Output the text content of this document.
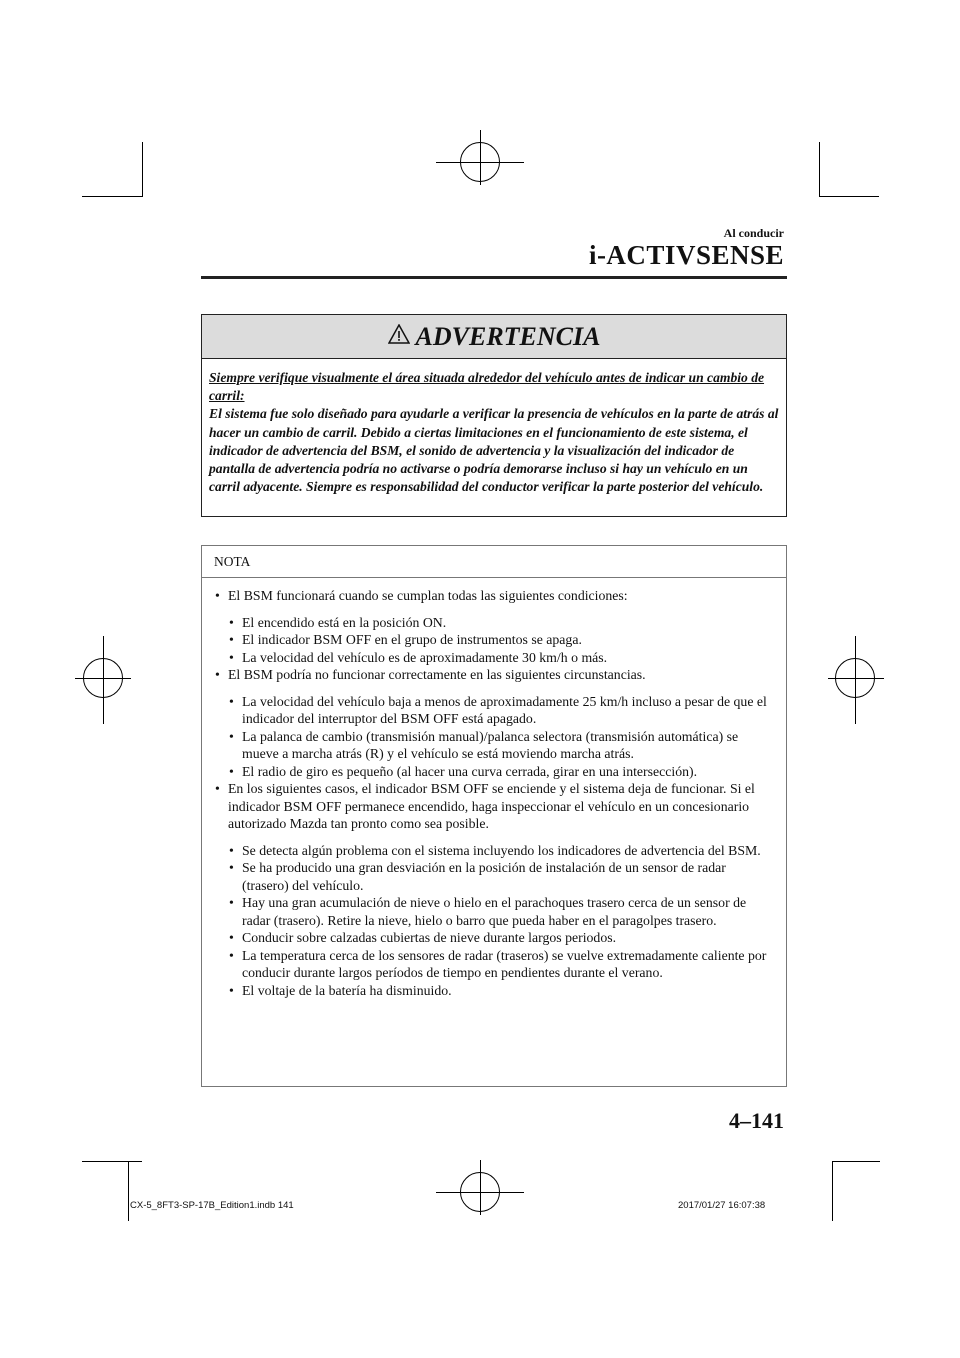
Al conducir
i-ACTIVSENSE
ADVERTENCIA
Siempre verifique visualmente el área situada alrededor del vehículo antes de indicar un cambio de carril:
El sistema fue solo diseñado para ayudarle a verificar la presencia de vehículos en la parte de atrás al hacer un cambio de carril. Debido a ciertas limitaciones en el funcionamiento de este sistema, el indicador de advertencia del BSM, el sonido de advertencia y la visualización del indicador de pantalla de advertencia podría no activarse o podría demorarse incluso si hay un vehículo en un carril adyacente. Siempre es responsabilidad del conductor verificar la parte posterior del vehículo.
NOTA
• El BSM funcionará cuando se cumplan todas las siguientes condiciones:
• El encendido está en la posición ON.
• El indicador BSM OFF en el grupo de instrumentos se apaga.
• La velocidad del vehículo es de aproximadamente 30 km/h o más.
• El BSM podría no funcionar correctamente en las siguientes circunstancias.
• La velocidad del vehículo baja a menos de aproximadamente 25 km/h incluso a pesar de que el indicador del interruptor del BSM OFF está apagado.
• La palanca de cambio (transmisión manual)/palanca selectora (transmisión automática) se mueve a marcha atrás (R) y el vehículo se está moviendo marcha atrás.
• El radio de giro es pequeño (al hacer una curva cerrada, girar en una intersección).
• En los siguientes casos, el indicador BSM OFF se enciende y el sistema deja de funcionar. Si el indicador BSM OFF permanece encendido, haga inspeccionar el vehículo en un concesionario autorizado Mazda tan pronto como sea posible.
• Se detecta algún problema con el sistema incluyendo los indicadores de advertencia del BSM.
• Se ha producido una gran desviación en la posición de instalación de un sensor de radar (trasero) del vehículo.
• Hay una gran acumulación de nieve o hielo en el parachoques trasero cerca de un sensor de radar (trasero). Retire la nieve, hielo o barro que pueda haber en el paragolpes trasero.
• Conducir sobre calzadas cubiertas de nieve durante largos periodos.
• La temperatura cerca de los sensores de radar (traseros) se vuelve extremadamente caliente por conducir durante largos períodos de tiempo en pendientes durante el verano.
• El voltaje de la batería ha disminuido.
4–141
CX-5_8FT3-SP-17B_Edition1.indb 141	2017/01/27 16:07:38
